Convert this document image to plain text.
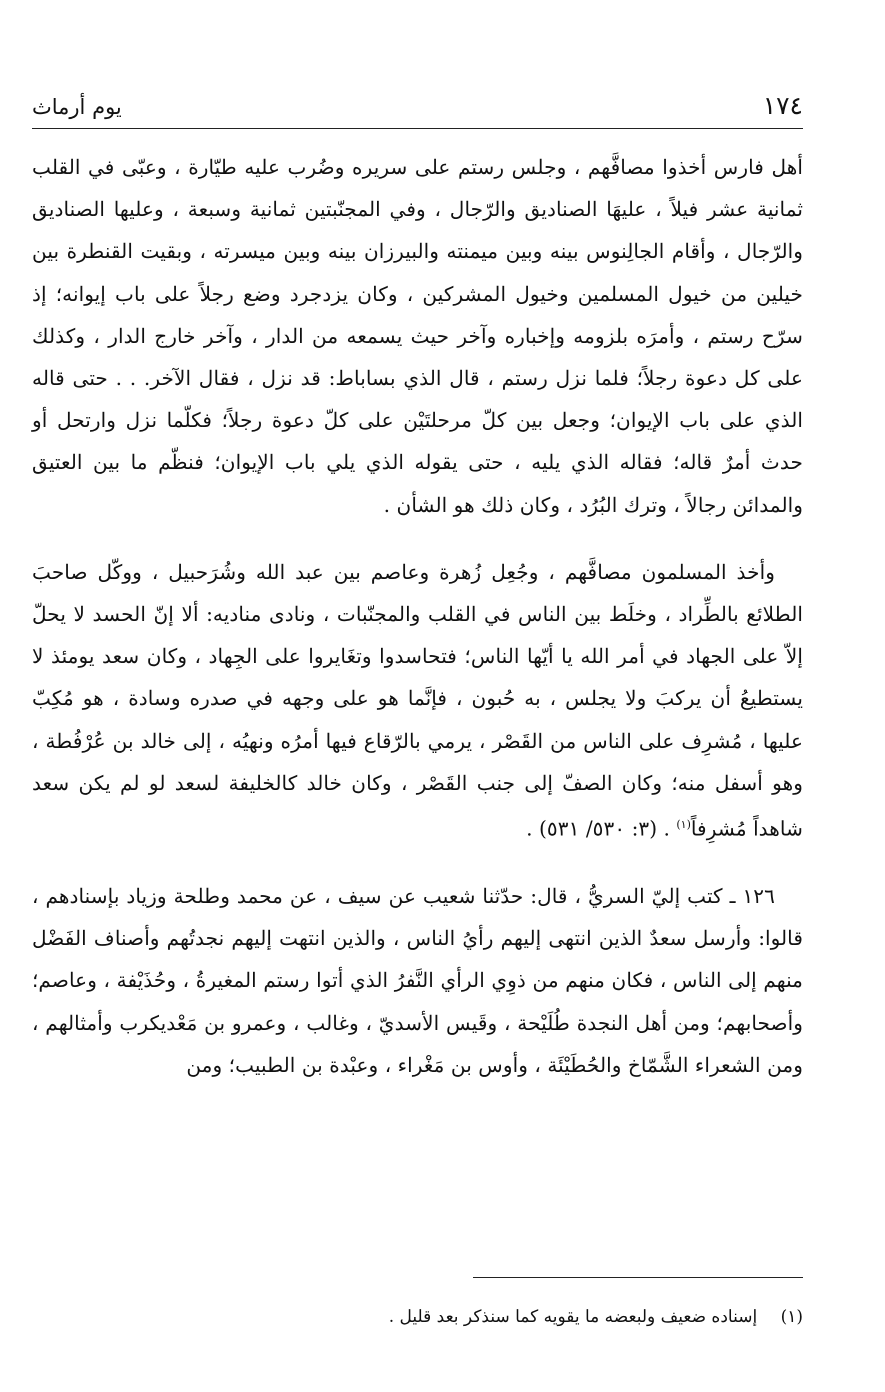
١٧٤
يوم أرماث

أهل فارس أخذوا مصافَّهم ، وجلس رستم على سريره وضُرب عليه طيّارة ، وعبّى في القلب ثمانية عشر فيلاً ، عليهَا الصناديق والرّجال ، وفي المجنّبتين ثمانية وسبعة ، وعليها الصناديق والرّجال ، وأقام الجالِنوس بينه وبين ميمنته والبيرزان بينه وبين ميسرته ، وبقيت القنطرة بين خيلين من خيول المسلمين وخيول المشركين ، وكان يزدجرد وضع رجلاً على باب إيوانه؛ إذ سرّح رستم ، وأمرَه بلزومه وإخباره وآخر حيث يسمعه من الدار ، وآخر خارج الدار ، وكذلك على كل دعوة رجلاً؛ فلما نزل رستم ، قال الذي بساباط: قد نزل ، فقال الآخر. . . حتى قاله الذي على باب الإيوان؛ وجعل بين كلّ مرحلتَيْن على كلّ دعوة رجلاً؛ فكلّما نزل وارتحل أو حدث أمرٌ قاله؛ فقاله الذي يليه ، حتى يقوله الذي يلي باب الإيوان؛ فنظّم ما بين العتيق والمدائن رجالاً ، وترك البُرُد ، وكان ذلك هو الشأن .

وأخذ المسلمون مصافَّهم ، وجُعِل زُهرة وعاصم بين عبد الله وشُرَحبيل ، ووكّل صاحبَ الطلائع بالطِّراد ، وخلَط بين الناس في القلب والمجنّبات ، ونادى مناديه: ألا إنّ الحسد لا يحلّ إلاّ على الجهاد في أمر الله يا أيّها الناس؛ فتحاسدوا وتغَايروا على الجِهاد ، وكان سعد يومئذ لا يستطيعُ أن يركبَ ولا يجلس ، به حُبون ، فإنَّما هو على وجهه في صدره وسادة ، هو مُكِبّ عليها ، مُشرِف على الناس من القَصْر ، يرمي بالرّقاع فيها أمرُه ونهيُه ، إلى خالد بن عُرْفُطة ، وهو أسفل منه؛ وكان الصفّ إلى جنب القَصْر ، وكان خالد كالخليفة لسعد لو لم يكن سعد شاهداً مُشرِفاً$^{(١)}$ . (٣: ٥٣٠/ ٥٣١) .

١٢٦ ـ كتب إليّ السريُّ ، قال: حدّثنا شعيب عن سيف ، عن محمد وطلحة وزياد بإسنادهم ، قالوا: وأرسل سعدٌ الذين انتهى إليهم رأيُ الناس ، والذين انتهت إليهم نجدتُهم وأصناف الفَضْل منهم إلى الناس ، فكان منهم من ذوِي الرأي النَّفرُ الذي أتوا رستم المغيرةُ ، وحُذَيْفة ، وعاصم؛ وأصحابهم؛ ومن أهل النجدة طُلَيْحة ، وقَيس الأسديّ ، وغالب ، وعمرو بن مَعْديكرب وأمثالهم ، ومن الشعراء الشَّمّاخ والحُطَيْئَة ، وأوس بن مَغْراء ، وعبْدة بن الطبيب؛ ومن

(١) إسناده ضعيف ولبعضه ما يقويه كما سنذكر بعد قليل .
